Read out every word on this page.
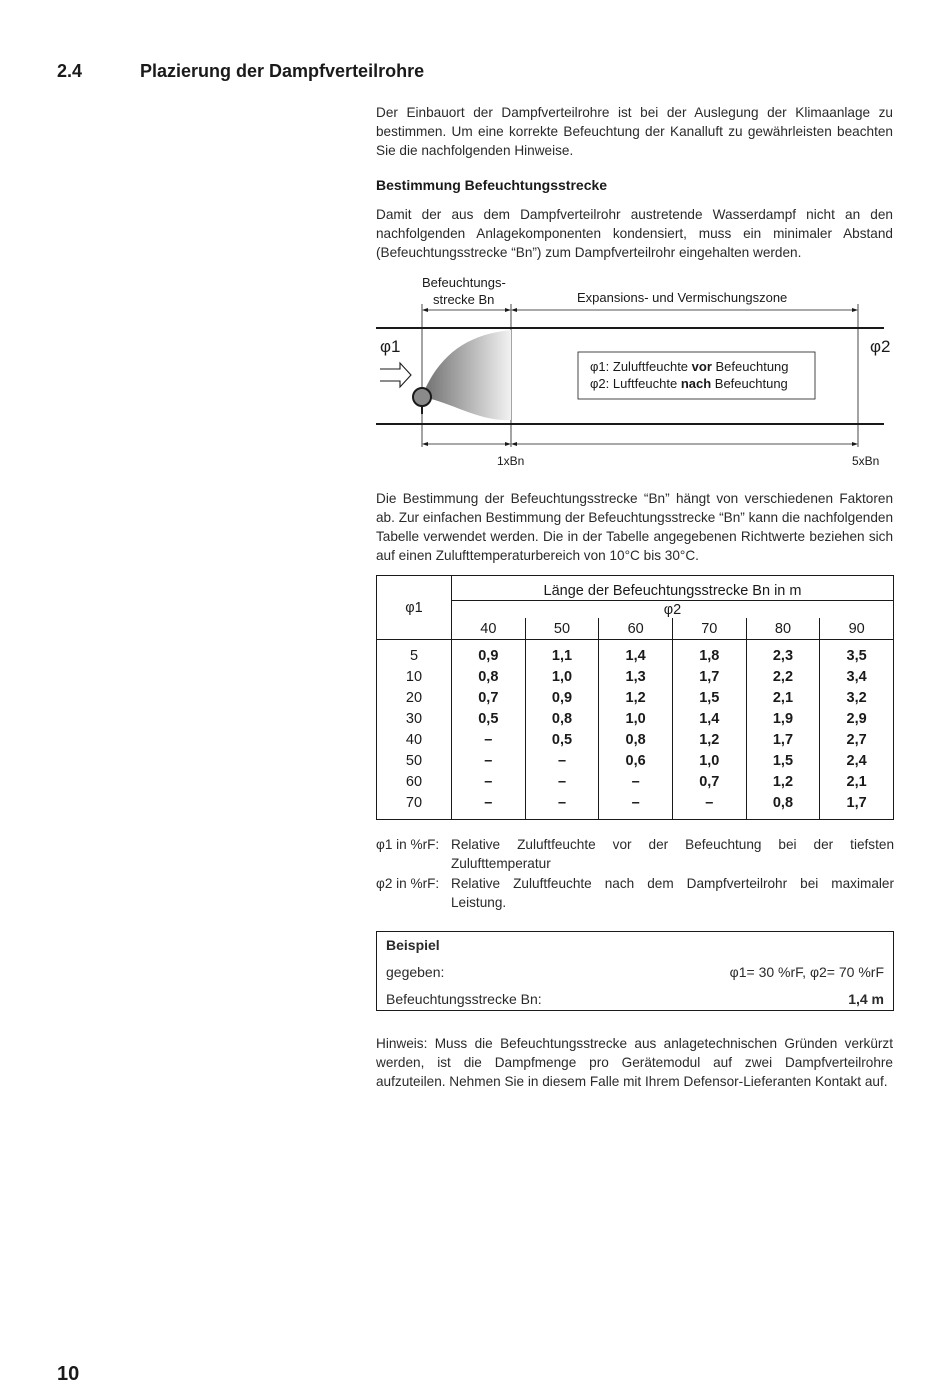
2.4	Plazierung der Dampfverteilrohre

Der Einbauort der Dampfverteilrohre ist bei der Auslegung der Klimaanlage zu bestimmen. Um eine korrekte Befeuchtung der Kanalluft zu gewährleisten beachten Sie die nachfolgenden Hinweise.

Bestimmung Befeuchtungsstrecke

Damit der aus dem Dampfverteilrohr austretende Wasserdampf nicht an den nachfolgenden Anlagekomponenten kondensiert, muss ein minimaler Abstand (Befeuchtungsstrecke “Bn”) zum Dampfverteilrohr eingehalten werden.

Befeuchtungs-
strecke Bn	Expansions- und Vermischungszone
φ1	φ2
φ1: Zuluftfeuchte vor Befeuchtung
φ2: Luftfeuchte nach Befeuchtung
1xBn	5xBn

Die Bestimmung der Befeuchtungsstrecke “Bn” hängt von verschiedenen Faktoren ab. Zur einfachen Bestimmung der Befeuchtungsstrecke “Bn” kann die nachfolgenden Tabelle verwendet werden. Die in der Tabelle angegebenen Richtwerte beziehen sich auf einen Zulufttemperaturbereich von 10°C bis 30°C.

φ1	Länge der Befeuchtungsstrecke Bn in m					
	φ2					
	40	50	60	70	80	90

5	0,9	1,1	1,4	1,8	2,3	3,5
10	0,8	1,0	1,3	1,7	2,2	3,4
20	0,7	0,9	1,2	1,5	2,1	3,2
30	0,5	0,8	1,0	1,4	1,9	2,9
40	–	0,5	0,8	1,2	1,7	2,7
50	–	–	0,6	1,0	1,5	2,4
60	–	–	–	0,7	1,2	2,1
70	–	–	–	–	0,8	1,7

φ1 in %rF: Relative Zuluftfeuchte vor der Befeuchtung bei der tiefsten Zulufttemperatur
φ2 in %rF: Relative Zuluftfeuchte nach dem Dampfverteilrohr bei maximaler Leistung.
Beispiel
gegeben:	φ1= 30 %rF, φ2= 70 %rF
Befeuchtungsstrecke Bn:	1,4 m

Hinweis: Muss die Befeuchtungsstrecke aus anlagetechnischen Gründen verkürzt werden, ist die Dampfmenge pro Gerätemodul auf zwei Dampfverteilrohre aufzuteilen. Nehmen Sie in diesem Falle mit Ihrem Defensor-Lieferanten Kontakt auf.

10
